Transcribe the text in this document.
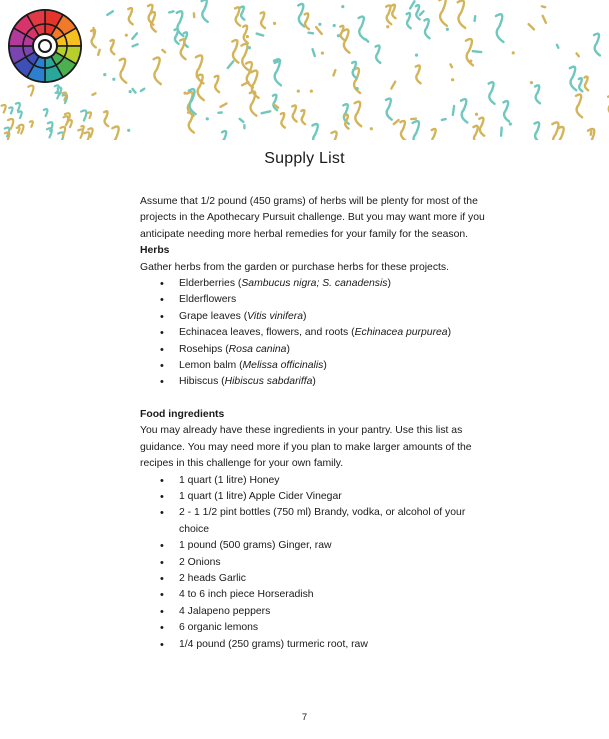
Supply List

Assume that 1/2 pound (450 grams) of herbs will be plenty for most of the projects in the Apothecary Pursuit challenge. But you may want more if you anticipate needing more herbal remedies for your family for the season.

Herbs

Gather herbs from the garden or purchase herbs for these projects.

• Elderberries (Sambucus nigra; S. canadensis)
• Elderflowers
• Grape leaves (Vitis vinifera)
• Echinacea leaves, flowers, and roots (Echinacea purpurea)
• Rosehips (Rosa canina)
• Lemon balm (Melissa officinalis)
• Hibiscus (Hibiscus sabdariffa)

Food ingredients

You may already have these ingredients in your pantry. Use this list as guidance. You may need more if you plan to make larger amounts of the recipes in this challenge for your own family.

• 1 quart (1 litre) Honey
• 1 quart (1 litre) Apple Cider Vinegar
• 2 - 1 1/2 pint bottles (750 ml) Brandy, vodka, or alcohol of your choice
• 1 pound (500 grams) Ginger, raw
• 2 Onions
• 2 heads Garlic
• 4 to 6 inch piece Horseradish
• 4 Jalapeno peppers
• 6 organic lemons
• 1/4 pound (250 grams) turmeric root, raw
7
